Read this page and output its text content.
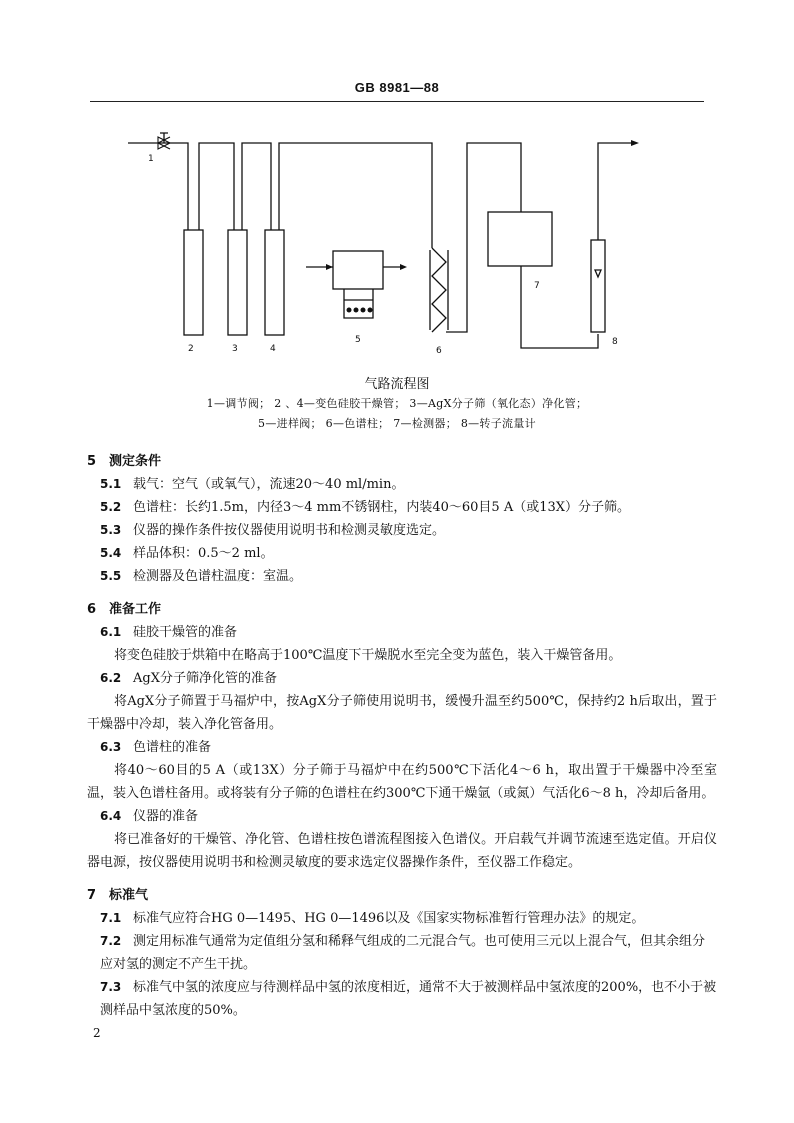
GB 8981—88
1
2	3	4
5
6
7
8
气路流程图
1—调节阀； 2 、4—变色硅胶干燥管； 3—AgX分子筛（氧化态）净化管；
5—进样阀； 6—色谱柱； 7—检测器； 8—转子流量计
5 测定条件
5.1 载气：空气（或氧气），流速20～40 ml/min。
5.2 色谱柱：长约1.5m，内径3～4 mm不锈钢柱，内装40～60目5 A（或13X）分子筛。
5.3 仪器的操作条件按仪器使用说明书和检测灵敏度选定。
5.4 样品体积：0.5～2 ml。
5.5 检测器及色谱柱温度：室温。
6 准备工作
6.1 硅胶干燥管的准备
将变色硅胶于烘箱中在略高于100℃温度下干燥脱水至完全变为蓝色，装入干燥管备用。
6.2 AgX分子筛净化管的准备
将AgX分子筛置于马福炉中，按AgX分子筛使用说明书，缓慢升温至约500℃，保持约2 h后取出，置于干燥器中冷却，装入净化管备用。
6.3 色谱柱的准备
将40～60目的5 A（或13X）分子筛于马福炉中在约500℃下活化4～6 h，取出置于干燥器中冷至室温，装入色谱柱备用。或将装有分子筛的色谱柱在约300℃下通干燥氩（或氮）气活化6～8 h，冷却后备用。
6.4 仪器的准备
将已准备好的干燥管、净化管、色谱柱按色谱流程图接入色谱仪。开启载气并调节流速至选定值。开启仪器电源，按仪器使用说明书和检测灵敏度的要求选定仪器操作条件，至仪器工作稳定。
7 标准气
7.1 标准气应符合HG 0—1495、HG 0—1496以及《国家实物标准暂行管理办法》的规定。
7.2 测定用标准气通常为定值组分氢和稀释气组成的二元混合气。也可使用三元以上混合气，但其余组分应对氢的测定不产生干扰。
7.3 标准气中氢的浓度应与待测样品中氢的浓度相近，通常不大于被测样品中氢浓度的200%，也不小于被测样品中氢浓度的50%。
2
